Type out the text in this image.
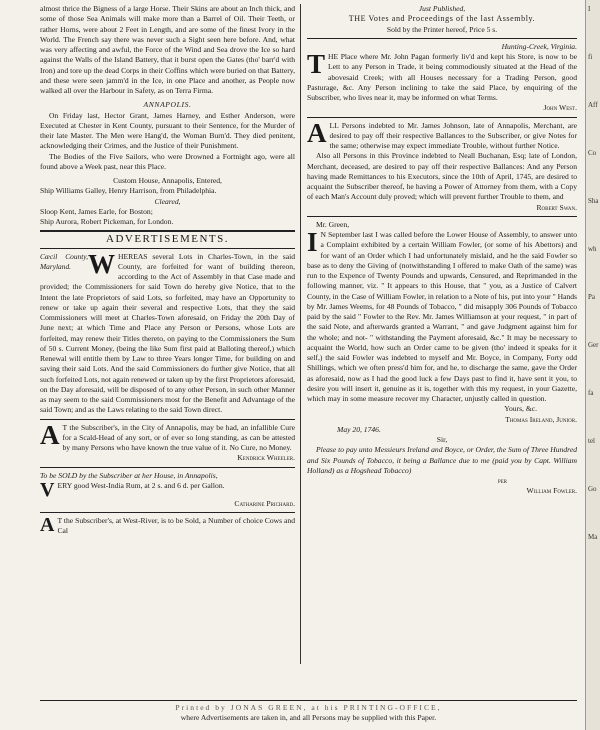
almost thrice the Bigness of a large Horse. Their Skins are about an Inch thick, and some of those Sea Animals will make more than a Barrel of Oil. Their Teeth, or rather Horns, were about 2 Feet in Length, and are some of the finest Ivory in the World. The French say there was never such a Sight seen here before. And, what was very affecting and awful, the Force of the Wind and Sea drove the Ice so hard against the Walls of the Island Battery, that it burst open the Gates (tho' barr'd with Iron) and tore up the dead Corps in their Coffins which were buried on that Battery, and these were seen jamm'd in the Ice, in one Place and another, as People now walked all over the Harbour in Safety, as on Terra Firma.

ANNAPOLIS.

On Friday last, Hector Grant, James Harney, and Esther Anderson, were Executed at Chester in Kent County, pursuant to their Sentence, for the Murder of their late Master. The Men were Hang'd, the Woman Burn'd. They died penitent, acknowledging their Crimes, and the Justice of their Punishment.

The Bodies of the Five Sailors, who were Drowned a Fortnight ago, were all found above a Week past, near this Place.

Custom House, Annapolis, Entered,

Ship Williams Galley, Henry Harrison, from Philadelphia.

Cleared,

Sloop Kent, James Earle, for Boston;

Ship Aurora, Robert Pickeman, for London.

ADVERTISEMENTS.

Cæcil County, Maryland. W HEREAS several Lots in Charles-Town, in the said County, are forfeited for want of building thereon, according to the Act of Assembly in that Case made and provided; the Commissioners for said Town do hereby give Notice, that to the Intent the late Proprietors of said Lots, so forfeited, may have an Opportunity to renew or take up again their several and respective Lots, that they the said Commissioners will meet at Charles-Town aforesaid, on Friday the 20th Day of June next; at which Time and Place any Person or Persons, whose Lots are forfeited, may renew their Titles thereto, on paying to the Commissioners the Sum of 50 s. Current Money, (being the like Sum first paid at Balloting thereof,) which Renewal will entitle them by Law to three Years longer Time, for building on and saving their said Lots. And the said Commissioners do further give Notice, that all such forfeited Lots, not again renewed or taken up by the first Proprietors aforesaid, on the Day aforesaid, will be disposed of to any other Person, in such other Manner as may seem to the said Commissioners most for the Benefit and Advantage of the said Town; and as the Laws relating to the said Town direct.
A T the Subscriber's, in the City of Annapolis, may be had, an infallible Cure for a Scald-Head of any sort, or of ever so long standing, as can be attested by many Persons who have known the true value of it. No Cure, no Money.

Kendrick Wheeler.

To be SOLD by the Subscriber at her House, in Annapolis,

V ERY good West-India Rum, at 2 s. and 6 d. per Gallon.

Catharine Prichard.

A T the Subscriber's, at West-River, is to be Sold, a Number of choice Cows and Cal

Just Published,

THE Votes and Proceedings of the last Assembly.

Sold by the Printer hereof, Price 5 s.

Hunting-Creek, Virginia.

T HE Place where Mr. John Pagan formerly liv'd and kept his Store, is now to be Lett to any Person in Trade, it being commodiously situated at the Head of the abovesaid Creek; with all Houses necessary for a Trading Person, good Pasturage, &c. Any Person inclining to take the said Place, by enquiring of the Subscriber, who lives near it, may be informed on what Terms.

John West.

A LL Persons indebted to Mr. James Johnson, late of Annapolis, Merchant, are desired to pay off their respective Ballances to the Subscriber, or give Notes for the same; otherwise may expect immediate Trouble, without further Notice.

Also all Persons in this Province indebted to Neall Buchanan, Esq; late of London, Merchant, deceased, are desired to pay off their respective Ballances: And any Person having made Remittances to his Executors, since the 10th of April, 1745, are desired to acquaint the Subscriber thereof, he having a Power of Attorney from them, with a Copy of each Man's Account duly proved; which will prevent further Trouble to them, and

Robert Swan.

Mr. Green,

I N September last I was called before the Lower House of Assembly, to answer unto a Complaint exhibited by a certain William Fowler, (or some of his Abettors) and for want of an Order which I had unfortunately mislaid, and he the said Fowler so base as to deny the Giving of (notwithstanding I offered to make Oath of the same) was run to the Expence of Twenty Pounds and upwards, Censured, and Reprimanded in the following manner, viz. " It appears to this House, that " you, as a Justice of Calvert County, in the Case of William Fowler, in relation to a Note of his, put into your " Hands by Mr. James Weems, for 48 Pounds of Tobacco, " did misapply 306 Pounds of Tobacco paid by the said " Fowler to the Rev. Mr. James Williamson at your request, " in part of the said Note, and afterwards granted a Warrant, " and gave Judgment against him for the whole; and not- " withstanding the Payment aforesaid, &c." It may be necessary to acquaint the World, how such an Order came to be given (tho' indeed it speaks for it self,) the said Fowler was indebted to myself and Mr. Boyce, in Company, Forty odd Shillings, which we often press'd him for, and he, to discharge the same, gave the Order as aforesaid, now as I had the good luck a few Days past to find it, have sent it you, to desire you will insert it, genuine as it is, together with this my request, in your Gazette, which may in some measure recover my Character, unjustly called in question.

Yours, &c.

Thomas Ireland, Junior.

May 20, 1746.

Sir,

Please to pay unto Messieurs Ireland and Boyce, or Order, the Sum of Three Hundred and Six Pounds of Tobacco, it being a Ballance due to me (paid you by Capt. William Holland) as a Hogshead Tobacco)

per

William Fowler.

I
fi
Aff
Co
Sha
wh
Pa
Ger
fa
tel
Go
Ma

Printed by JONAS GREEN, at his PRINTING-OFFICE,

where Advertisements are taken in, and all Persons may be supplied with this Paper.
